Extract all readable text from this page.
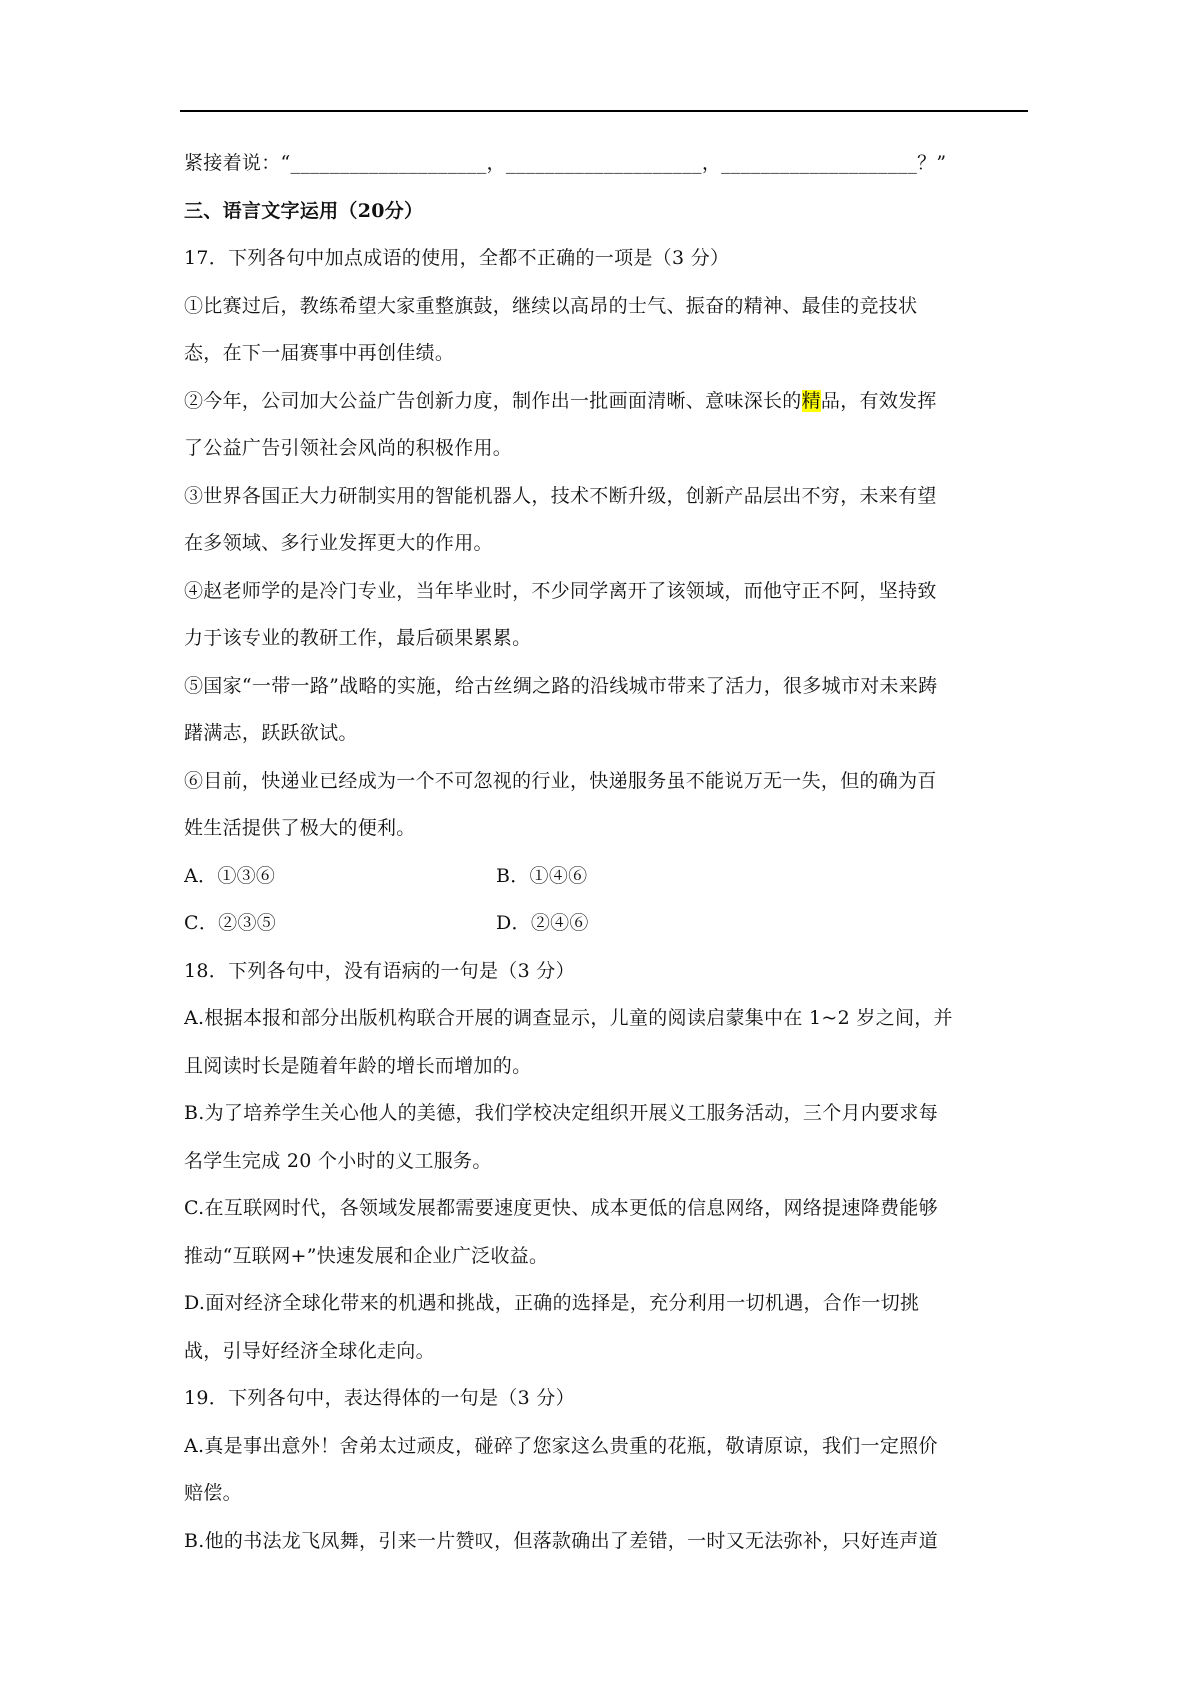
紧接着说：“____________________，____________________，____________________？”
三、语言文字运用（20分）
17．下列各句中加点成语的使用，全都不正确的一项是（3 分）
①比赛过后，教练希望大家重整旗鼓，继续以高昂的士气、振奋的精神、最佳的竞技状
态，在下一届赛事中再创佳绩。
②今年，公司加大公益广告创新力度，制作出一批画面清晰、意味深长的精品，有效发挥
了公益广告引领社会风尚的积极作用。
③世界各国正大力研制实用的智能机器人，技术不断升级，创新产品层出不穷，未来有望
在多领域、多行业发挥更大的作用。
④赵老师学的是冷门专业，当年毕业时，不少同学离开了该领域，而他守正不阿，坚持致
力于该专业的教研工作，最后硕果累累。
⑤国家“一带一路”战略的实施，给古丝绸之路的沿线城市带来了活力，很多城市对未来踌
躇满志，跃跃欲试。
⑥目前，快递业已经成为一个不可忽视的行业，快递服务虽不能说万无一失，但的确为百
姓生活提供了极大的便利。
A．①③⑥	B．①④⑥
C．②③⑤	D．②④⑥
18．下列各句中，没有语病的一句是（3 分）
A.根据本报和部分出版机构联合开展的调查显示，儿童的阅读启蒙集中在 1~2 岁之间，并
且阅读时长是随着年龄的增长而增加的。
B.为了培养学生关心他人的美德，我们学校决定组织开展义工服务活动，三个月内要求每
名学生完成 20 个小时的义工服务。
C.在互联网时代，各领域发展都需要速度更快、成本更低的信息网络，网络提速降费能够
推动“互联网+”快速发展和企业广泛收益。
D.面对经济全球化带来的机遇和挑战，正确的选择是，充分利用一切机遇，合作一切挑
战，引导好经济全球化走向。
19．下列各句中，表达得体的一句是（3 分）
A.真是事出意外！舍弟太过顽皮，碰碎了您家这么贵重的花瓶，敬请原谅，我们一定照价
赔偿。
B.他的书法龙飞凤舞，引来一片赞叹，但落款确出了差错，一时又无法弥补，只好连声道
